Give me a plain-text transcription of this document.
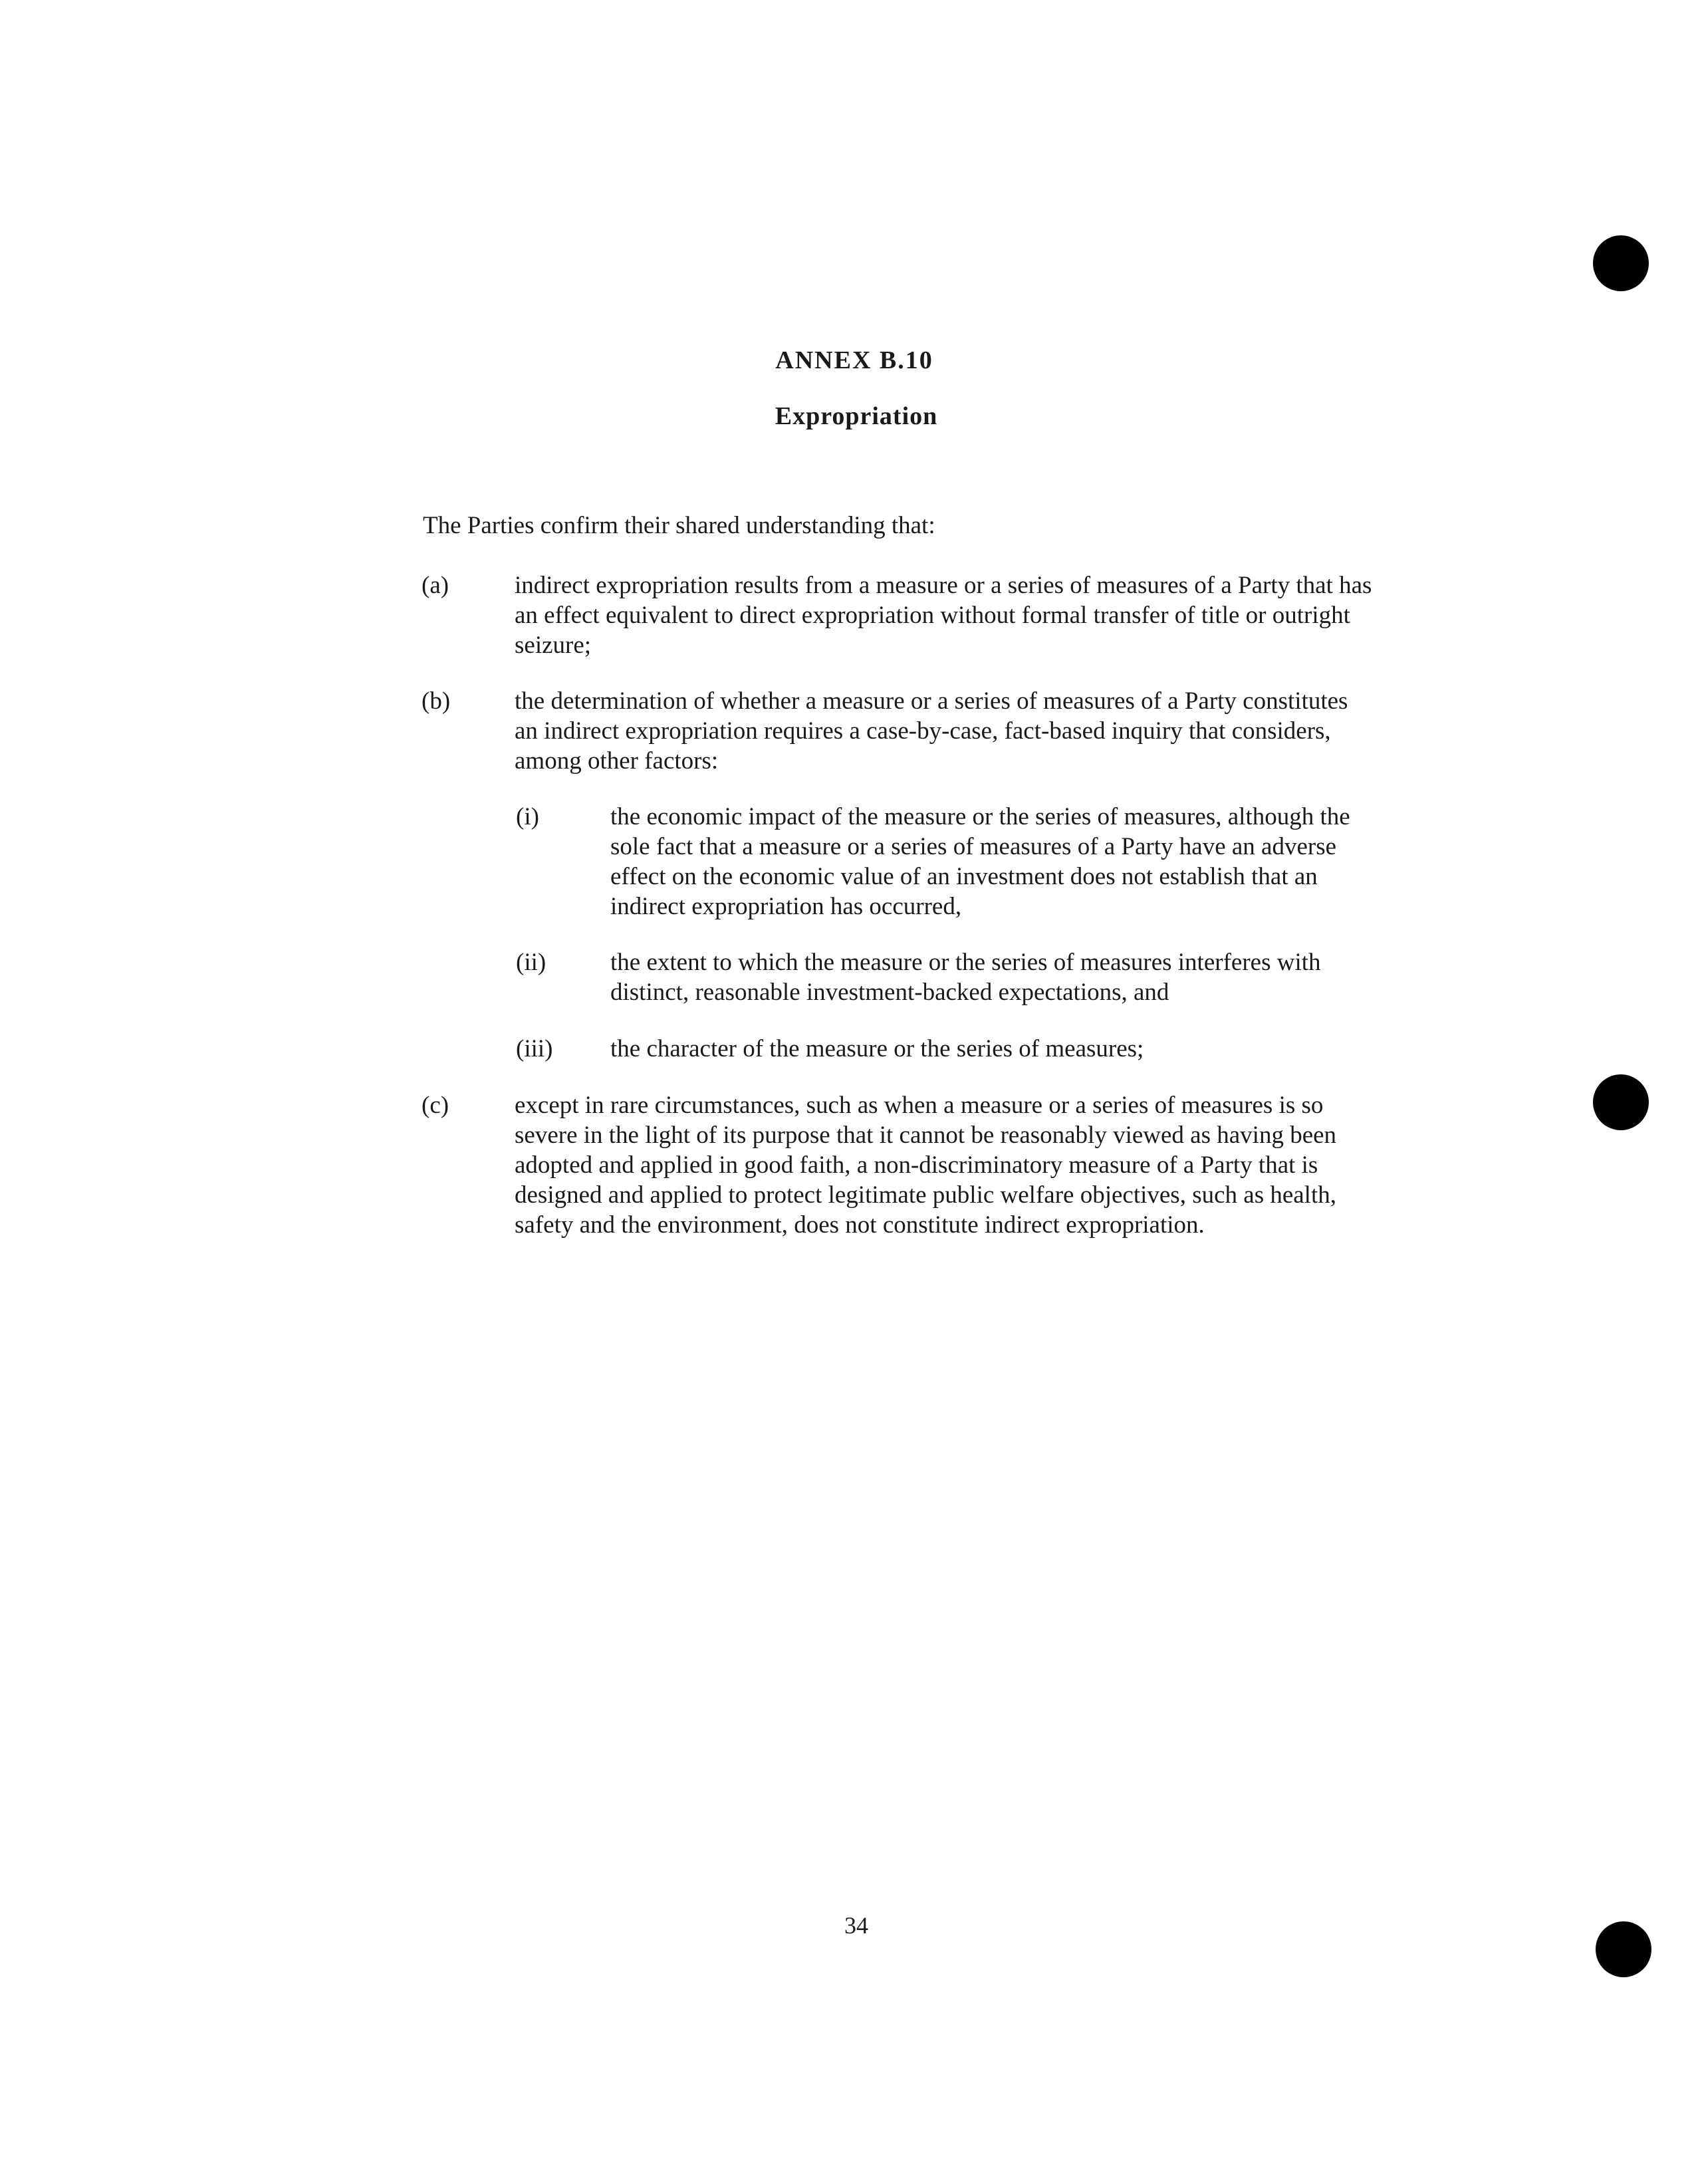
ANNEX B.10
Expropriation
The Parties confirm their shared understanding that:
(a)	indirect expropriation results from a measure or a series of measures of a Party that has an effect equivalent to direct expropriation without formal transfer of title or outright seizure;
(b)	the determination of whether a measure or a series of measures of a Party constitutes an indirect expropriation requires a case-by-case, fact-based inquiry that considers, among other factors:
(i)	the economic impact of the measure or the series of measures, although the sole fact that a measure or a series of measures of a Party have an adverse effect on the economic value of an investment does not establish that an indirect expropriation has occurred,
(ii)	the extent to which the measure or the series of measures interferes with distinct, reasonable investment-backed expectations, and
(iii) the character of the measure or the series of measures;
(c)	except in rare circumstances, such as when a measure or a series of measures is so severe in the light of its purpose that it cannot be reasonably viewed as having been adopted and applied in good faith, a non-discriminatory measure of a Party that is designed and applied to protect legitimate public welfare objectives, such as health, safety and the environment, does not constitute indirect expropriation.
34
